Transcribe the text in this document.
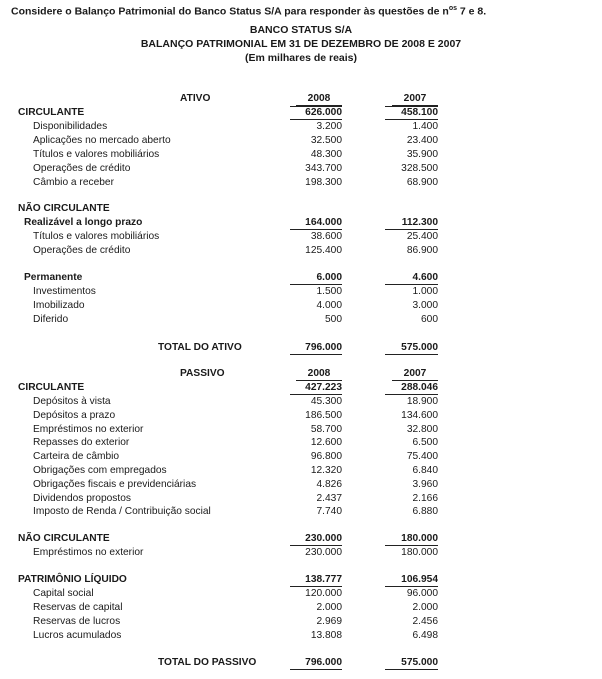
Considere o Balanço Patrimonial do Banco Status S/A para responder às questões de $n^{os}$ 7 e 8.
BANCO STATUS S/A
BALANÇO PATRIMONIAL EM 31 DE DEZEMBRO DE 2008 E 2007
(Em milhares de reais)
ATIVO	2008	2007
CIRCULANTE	626.000	458.100
Disponibilidades	3.200	1.400
Aplicações no mercado aberto	32.500	23.400
Títulos e valores mobiliários	48.300	35.900
Operações de crédito	343.700	328.500
Câmbio a receber	198.300	68.900
NÃO CIRCULANTE
Realizável a longo prazo	164.000	112.300
Títulos e valores mobiliários	38.600	25.400
Operações de crédito	125.400	86.900
Permanente	6.000	4.600
Investimentos	1.500	1.000
Imobilizado	4.000	3.000
Diferido	500	600
TOTAL DO ATIVO	796.000	575.000
PASSIVO	2008	2007
CIRCULANTE	427.223	288.046
Depósitos à vista	45.300	18.900
Depósitos a prazo	186.500	134.600
Empréstimos no exterior	58.700	32.800
Repasses do exterior	12.600	6.500
Carteira de câmbio	96.800	75.400
Obrigações com empregados	12.320	6.840
Obrigações fiscais e previdenciárias	4.826	3.960
Dividendos propostos	2.437	2.166
Imposto de Renda / Contribuição social	7.740	6.880
NÃO CIRCULANTE	230.000	180.000
Empréstimos no exterior	230.000	180.000
PATRIMÔNIO LÍQUIDO	138.777	106.954
Capital social	120.000	96.000
Reservas de capital	2.000	2.000
Reservas de lucros	2.969	2.456
Lucros acumulados	13.808	6.498
TOTAL DO PASSIVO	796.000	575.000
